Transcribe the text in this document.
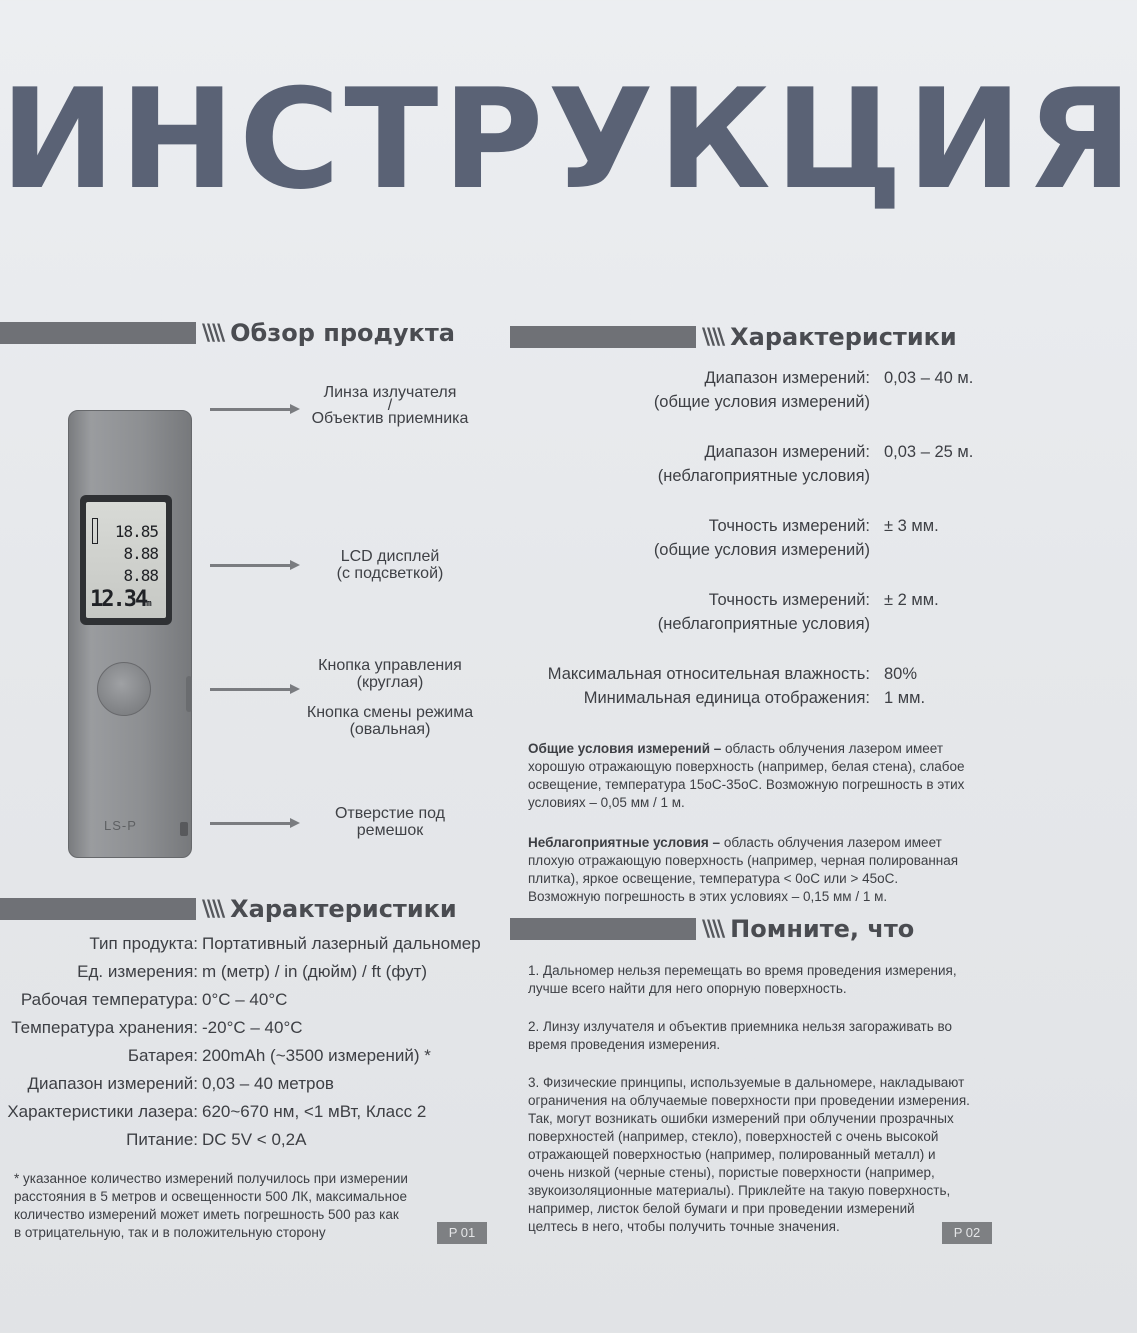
ИНСТРУКЦИЯ
\\\\ Обзор продукта
18.85
8.88
8.88
12.34m
LS-P
Линза излучателя
/
Объектив приемника
LCD дисплей
(с подсветкой)
Кнопка управления
(круглая)
Кнопка смены режима
(овальная)
Отверстие под
ремешок
\\\\ Характеристики
Тип продукта: Портативный лазерный дальномер
Ед. измерения: m (метр) / in (дюйм) / ft (фут)
Рабочая температура: 0°C – 40°C
Температура хранения: -20°C – 40°C
Батарея: 200mAh (~3500 измерений) *
Диапазон измерений: 0,03 – 40 метров
Характеристики лазера: 620~670 нм, <1 мВт, Класс 2
Питание: DC 5V < 0,2A
* указанное количество измерений получилось при измерении
расстояния в 5 метров и освещенности 500 ЛК, максимальное
количество измерений может иметь погрешность 500 раз как
в отрицательную, так и в положительную сторону	P 01
\\\\ Характеристики
Диапазон измерений: 0,03 – 40 м.
(общие условия измерений)
Диапазон измерений: 0,03 – 25 м.
(неблагоприятные условия)
Точность измерений: ± 3 мм.
(общие условия измерений)
Точность измерений: ± 2 мм.
(неблагоприятные условия)
Максимальная относительная влажность: 80%
Минимальная единица отображения: 1 мм.
Общие условия измерений – область облучения лазером имеет
хорошую отражающую поверхность (например, белая стена), слабое
освещение, температура 15оС-35оС. Возможную погрешность в этих
условиях – 0,05 мм / 1 м.
Неблагоприятные условия – область облучения лазером имеет
плохую отражающую поверхность (например, черная полированная
плитка), яркое освещение, температура < 0оС или > 45оС.
Возможную погрешность в этих условиях – 0,15 мм / 1 м.
\\\\ Помните, что
1. Дальномер нельзя перемещать во время проведения измерения,
лучше всего найти для него опорную поверхность.
2. Линзу излучателя и объектив приемника нельзя загораживать во
время проведения измерения.
3. Физические принципы, используемые в дальномере, накладывают
ограничения на облучаемые поверхности при проведении измерения.
Так, могут возникать ошибки измерений при облучении прозрачных
поверхностей (например, стекло), поверхностей с очень высокой
отражающей поверхностью (например, полированный металл) и
очень низкой (черные стены), пористые поверхности (например,
звукоизоляционные материалы). Приклейте на такую поверхность,
например, листок белой бумаги и при проведении измерений
целтесь в него, чтобы получить точные значения.	P 02
